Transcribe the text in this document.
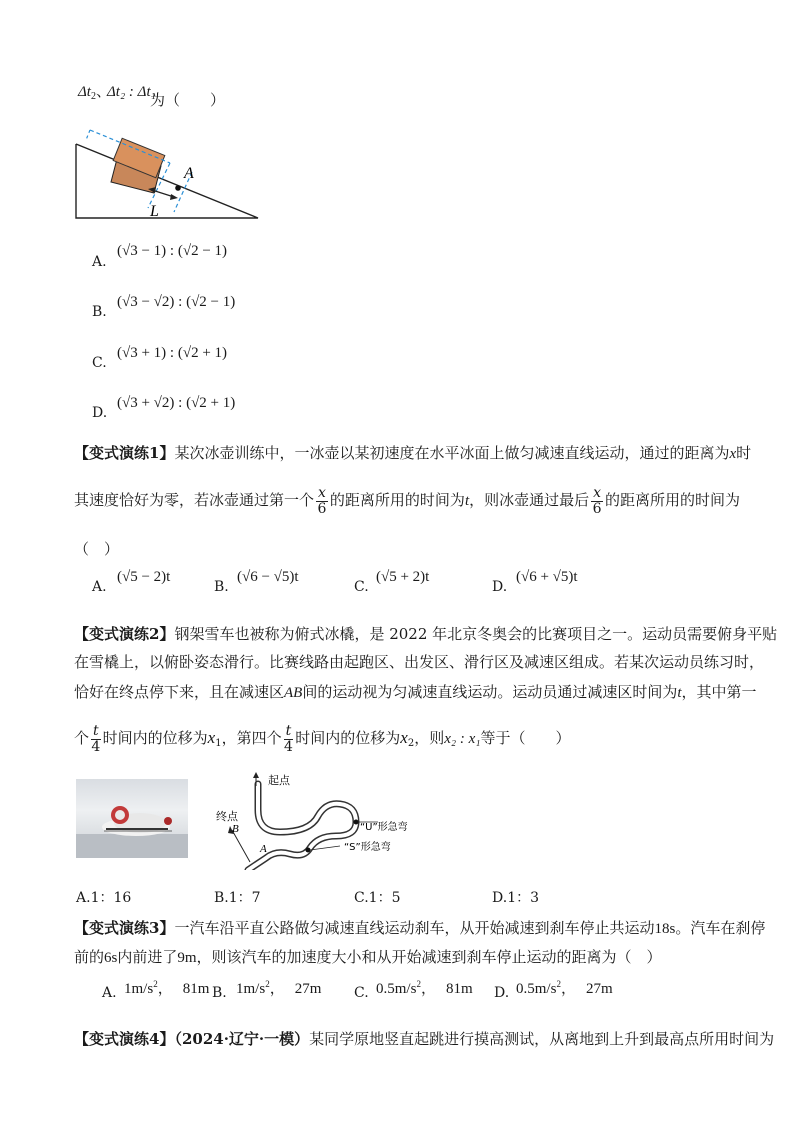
$\Delta t_2$、
Δt₂ : Δt₁
为（　　）
A
L
A.
(√3 − 1) : (√2 − 1)
B.
(√3 − √2) : (√2 − 1)
C.
(√3 + 1) : (√2 + 1)
D.
(√3 + √2) : (√2 + 1)
【变式演练1】某次冰壶训练中，一冰壶以某初速度在水平冰面上做匀减速直线运动，通过的距离为x时
其速度恰好为零，若冰壶通过第一个 $\frac{x}{6}$ 的距离所用的时间为t，则冰壶通过最后 $\frac{x}{6}$ 的距离所用的时间为
（　）
A.
(√5 − 2)t
B.
(√6 − √5)t
C.
(√5 + 2)t
D.
(√6 + √5)t
【变式演练2】钢架雪车也被称为俯式冰橇，是 2022 年北京冬奥会的比赛项目之一。运动员需要俯身平贴
在雪橇上，以俯卧姿态滑行。比赛线路由起跑区、出发区、滑行区及减速区组成。若某次运动员练习时，
恰好在终点停下来，且在减速区AB间的运动视为匀减速直线运动。运动员通过减速区时间为t，其中第一
个 $\frac{t}{4}$ 时间内的位移为$x_1$，第四个 $\frac{t}{4}$ 时间内的位移为$x_2$，则x₂ : x₁等于（　　）
起点
终点
B
A
“U”形急弯
“S”形急弯
A.1：16	B.1：7	C.1：5	D.1：3
【变式演练3】一汽车沿平直公路做匀减速直线运动刹车，从开始减速到刹车停止共运动18s。汽车在刹停
前的6s内前进了9m，则该汽车的加速度大小和从开始减速到刹车停止运动的距离为（　）
A. $1m/s^2$， 81m B. $1m/s^2$， 27m C. $0.5m/s^2$， 81m D. $0.5m/s^2$， 27m
【变式演练4】（2024·辽宁·一模）某同学原地竖直起跳进行摸高测试，从离地到上升到最高点所用时间为
